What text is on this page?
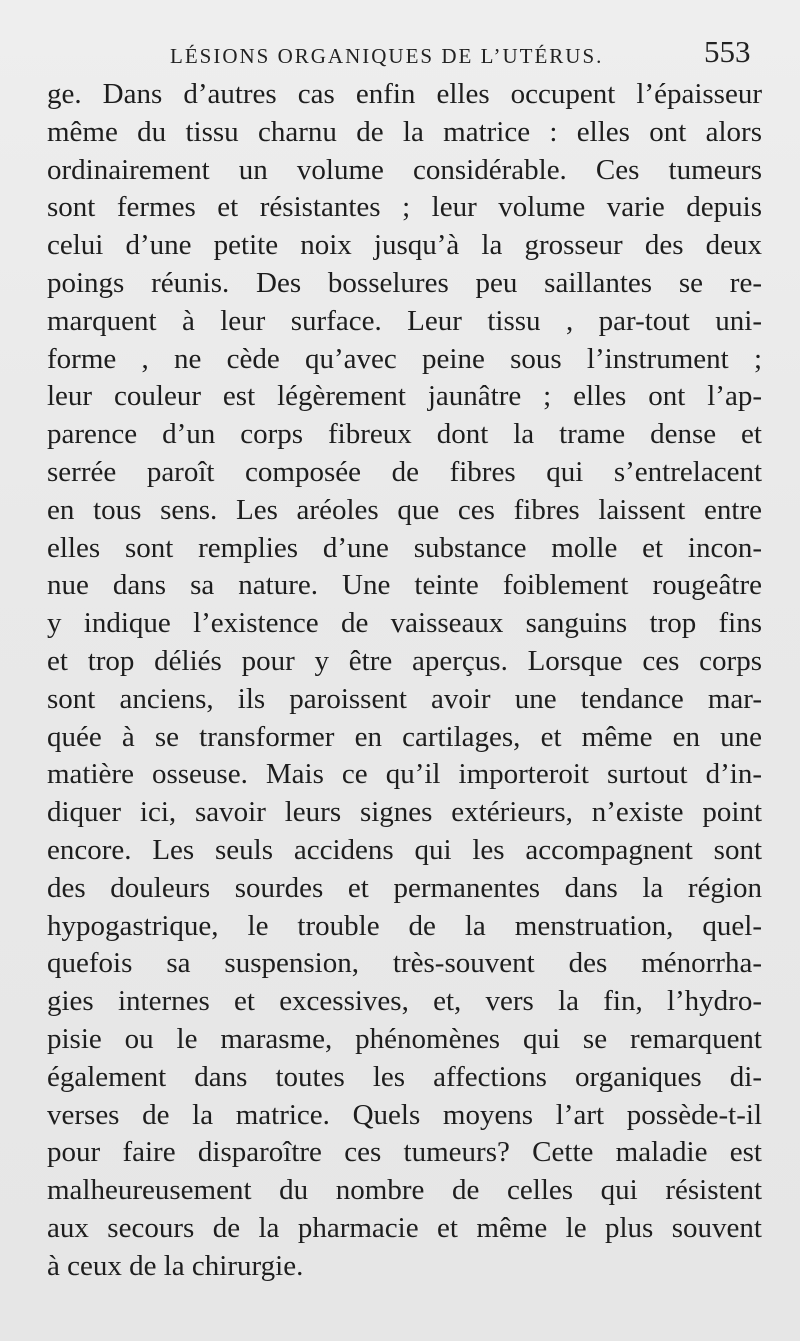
LÉSIONS ORGANIQUES DE L’UTÉRUS.	553
ge. Dans d’autres cas enfin elles occupent l’épaisseur
même du tissu charnu de la matrice : elles ont alors
ordinairement un volume considérable. Ces tumeurs
sont fermes et résistantes ; leur volume varie depuis
celui d’une petite noix jusqu’à la grosseur des deux
poings réunis. Des bosselures peu saillantes se re-
marquent à leur surface. Leur tissu , par-tout uni-
forme , ne cède qu’avec peine sous l’instrument ;
leur couleur est légèrement jaunâtre ; elles ont l’ap-
parence d’un corps fibreux dont la trame dense et
serrée paroît composée de fibres qui s’entrelacent
en tous sens. Les aréoles que ces fibres laissent entre
elles sont remplies d’une substance molle et incon-
nue dans sa nature. Une teinte foiblement rougeâtre
y indique l’existence de vaisseaux sanguins trop fins
et trop déliés pour y être aperçus. Lorsque ces corps
sont anciens, ils paroissent avoir une tendance mar-
quée à se transformer en cartilages, et même en une
matière osseuse. Mais ce qu’il importeroit surtout d’in-
diquer ici, savoir leurs signes extérieurs, n’existe point
encore. Les seuls accidens qui les accompagnent sont
des douleurs sourdes et permanentes dans la région
hypogastrique, le trouble de la menstruation, quel-
quefois sa suspension, très-souvent des ménorrha-
gies internes et excessives, et, vers la fin, l’hydro-
pisie ou le marasme, phénomènes qui se remarquent
également dans toutes les affections organiques di-
verses de la matrice. Quels moyens l’art possède-t-il
pour faire disparoître ces tumeurs? Cette maladie est
malheureusement du nombre de celles qui résistent
aux secours de la pharmacie et même le plus souvent
à ceux de la chirurgie.
